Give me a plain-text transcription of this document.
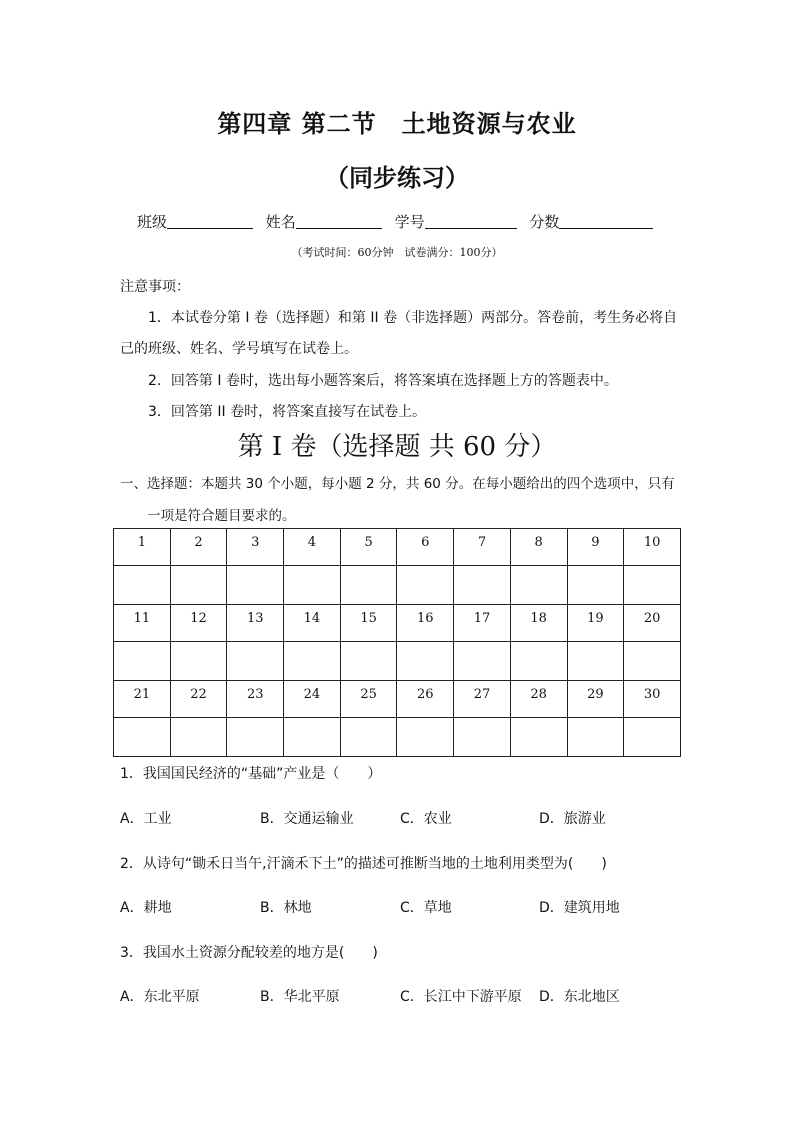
第四章 第二节　土地资源与农业
（同步练习）
班级	姓名	学号	分数
（考试时间：60分钟　试卷满分：100分）
注意事项：
1．本试卷分第 I 卷（选择题）和第 II 卷（非选择题）两部分。答卷前，考生务必将自
己的班级、姓名、学号填写在试卷上。
2．回答第 I 卷时，选出每小题答案后，将答案填在选择题上方的答题表中。
3．回答第 II 卷时，将答案直接写在试卷上。
第 I 卷（选择题 共 60 分）
一、选择题：本题共 30 个小题，每小题 2 分，共 60 分。在每小题给出的四个选项中，只有
一项是符合题目要求的。
1	2	3	4	5	6	7	8	9	10

11	12	13	14	15	16	17	18	19	20

21	22	23	24	25	26	27	28	29	30

1．我国国民经济的“基础”产业是（　　）
A．工业	B．交通运输业	C．农业	D．旅游业
2．从诗句“锄禾日当午,汗滴禾下土”的描述可推断当地的土地利用类型为(　　)
A．耕地	B．林地	C．草地	D．建筑用地
3．我国水土资源分配较差的地方是(　　)
A．东北平原	B．华北平原	C．长江中下游平原 D．东北地区
